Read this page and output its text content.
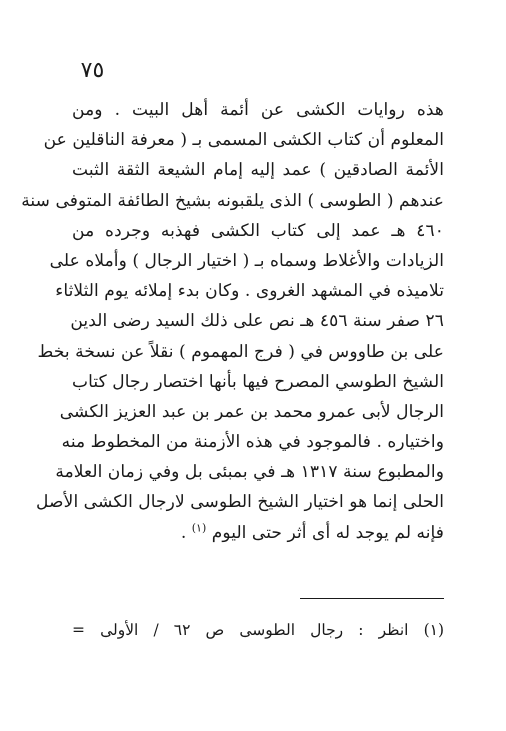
٧٥
هذه روايات الكشى عن أئمة أهل البيت . ومن
المعلوم أن كتاب الكشى المسمى بـ ( معرفة الناقلين عن
الأئمة الصادقين ) عمد إليه إمام الشيعة الثقة الثبت
عندهم ( الطوسى ) الذى يلقبونه بشيخ الطائفة المتوفى سنة
٤٦٠ هـ عمد إلى كتاب الكشى فهذبه وجرده من
الزيادات والأغلاط وسماه بـ ( اختيار الرجال ) وأملاه على
تلاميذه في المشهد الغروى . وكان بدء إملائه يوم الثلاثاء
٢٦ صفر سنة ٤٥٦ هـ نص على ذلك السيد رضى الدين
على بن طاووس في ( فرج المهموم ) نقلاً عن نسخة بخط
الشيخ الطوسي المصرح فيها بأنها اختصار رجال كتاب
الرجال لأبى عمرو محمد بن عمر بن عبد العزيز الكشى
واختياره . فالموجود في هذه الأزمنة من المخطوط منه
والمطبوع سنة ١٣١٧ هـ في بمبئى بل وفي زمان العلامة
الحلى إنما هو اختيار الشيخ الطوسى لارجال الكشى الأصل
فإنه لم يوجد له أى أثر حتى اليوم $^{(١)}$ .
(١) انظر : رجال الطوسى ص ٦٢ / الأولى =
